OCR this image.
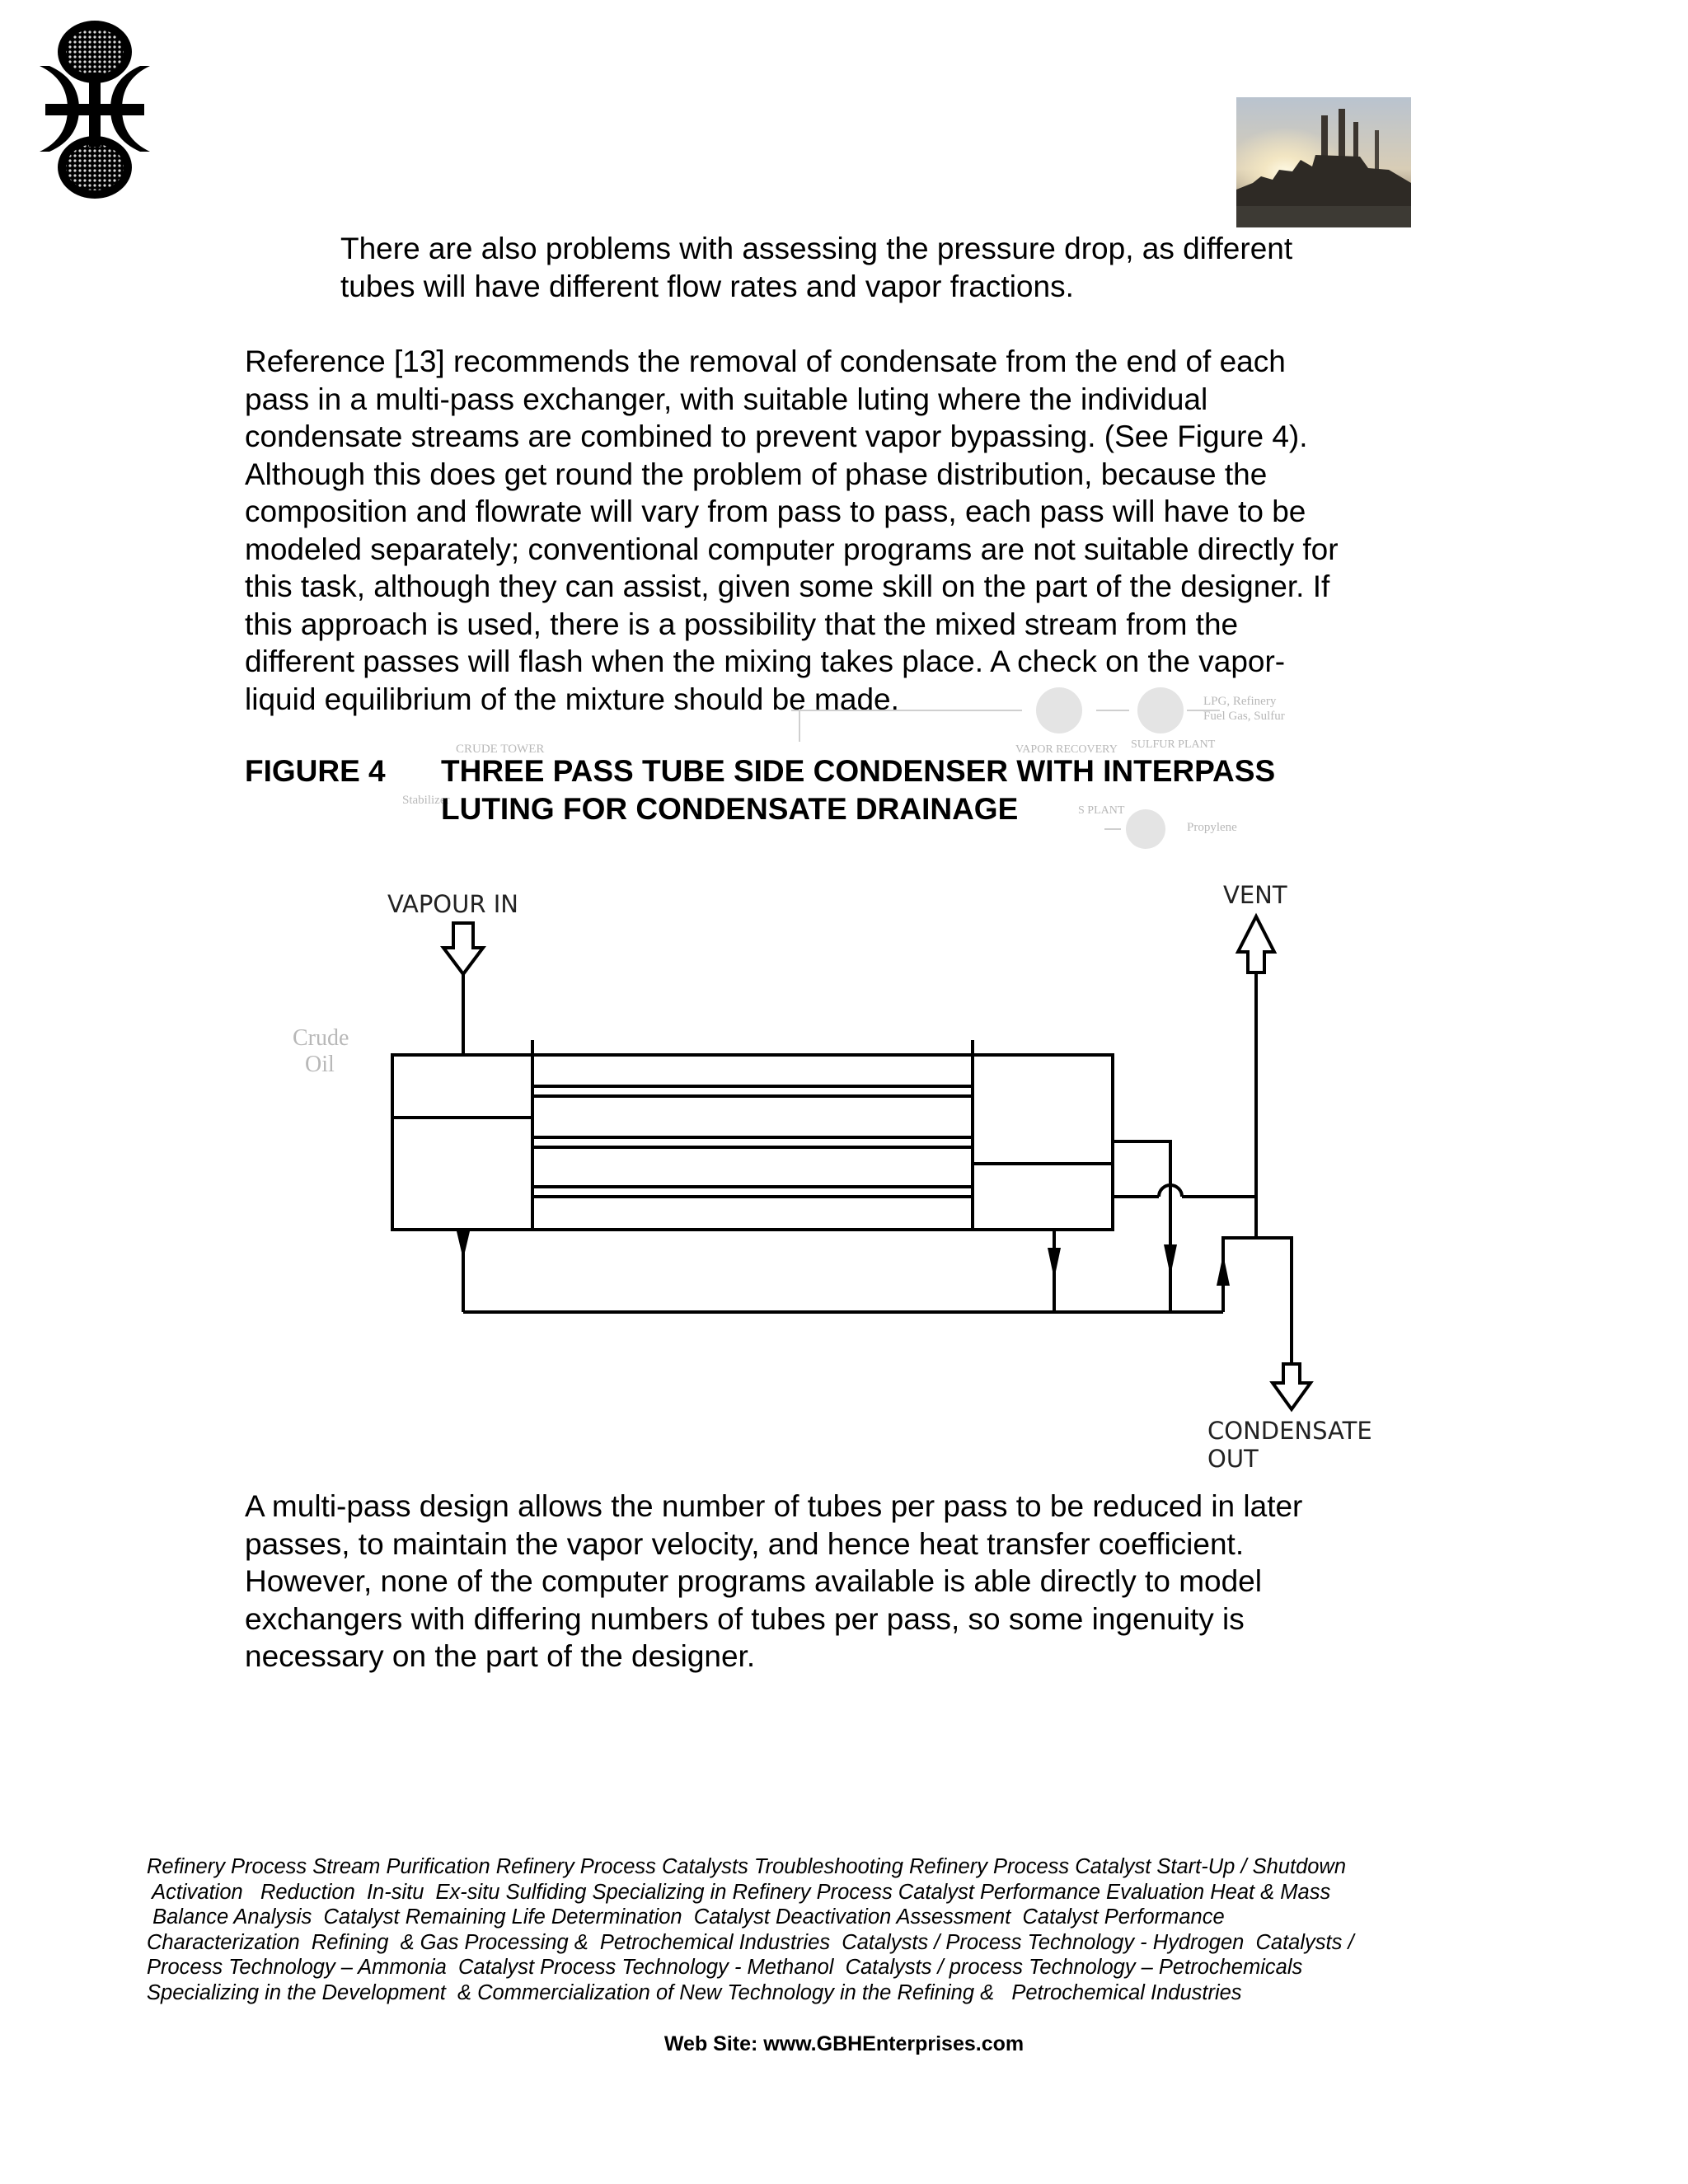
There are also problems with assessing the pressure drop, as different
tubes will have different flow rates and vapor fractions.
Reference [13] recommends the removal of condensate from the end of each
pass in a multi-pass exchanger, with suitable luting where the individual
condensate streams are combined to prevent vapor bypassing. (See Figure 4).
Although this does get round the problem of phase distribution, because the
composition and flowrate will vary from pass to pass, each pass will have to be
modeled separately; conventional computer programs are not suitable directly for
this task, although they can assist, given some skill on the part of the designer. If
this approach is used, there is a possibility that the mixed stream from the
different passes will flash when the mixing takes place. A check on the vapor-
liquid equilibrium of the mixture should be made.
CRUDE TOWER
Stabilizer
VAPOR RECOVERY SULFUR PLANT
LPG, Refinery
Fuel Gas, Sulfur
S PLANT
Propylene
Crude
Oil
FIGURE 4 THREE PASS TUBE SIDE CONDENSER WITH INTERPASS
LUTING FOR CONDENSATE DRAINAGE
VAPOUR IN	VENT
CONDENSATE
OUT
A multi-pass design allows the number of tubes per pass to be reduced in later
passes, to maintain the vapor velocity, and hence heat transfer coefficient.
However, none of the computer programs available is able directly to model
exchangers with differing numbers of tubes per pass, so some ingenuity is
necessary on the part of the designer.
Refinery Process Stream Purification Refinery Process Catalysts Troubleshooting Refinery Process Catalyst Start-Up / Shutdown
Activation   Reduction  In-situ  Ex-situ Sulfiding Specializing in Refinery Process Catalyst Performance Evaluation Heat & Mass
Balance Analysis  Catalyst Remaining Life Determination  Catalyst Deactivation Assessment  Catalyst Performance
Characterization  Refining  & Gas Processing &  Petrochemical Industries  Catalysts / Process Technology - Hydrogen  Catalysts /
Process Technology – Ammonia  Catalyst Process Technology - Methanol  Catalysts / process Technology – Petrochemicals
Specializing in the Development  & Commercialization of New Technology in the Refining &   Petrochemical Industries
Web Site: www.GBHEnterprises.com
